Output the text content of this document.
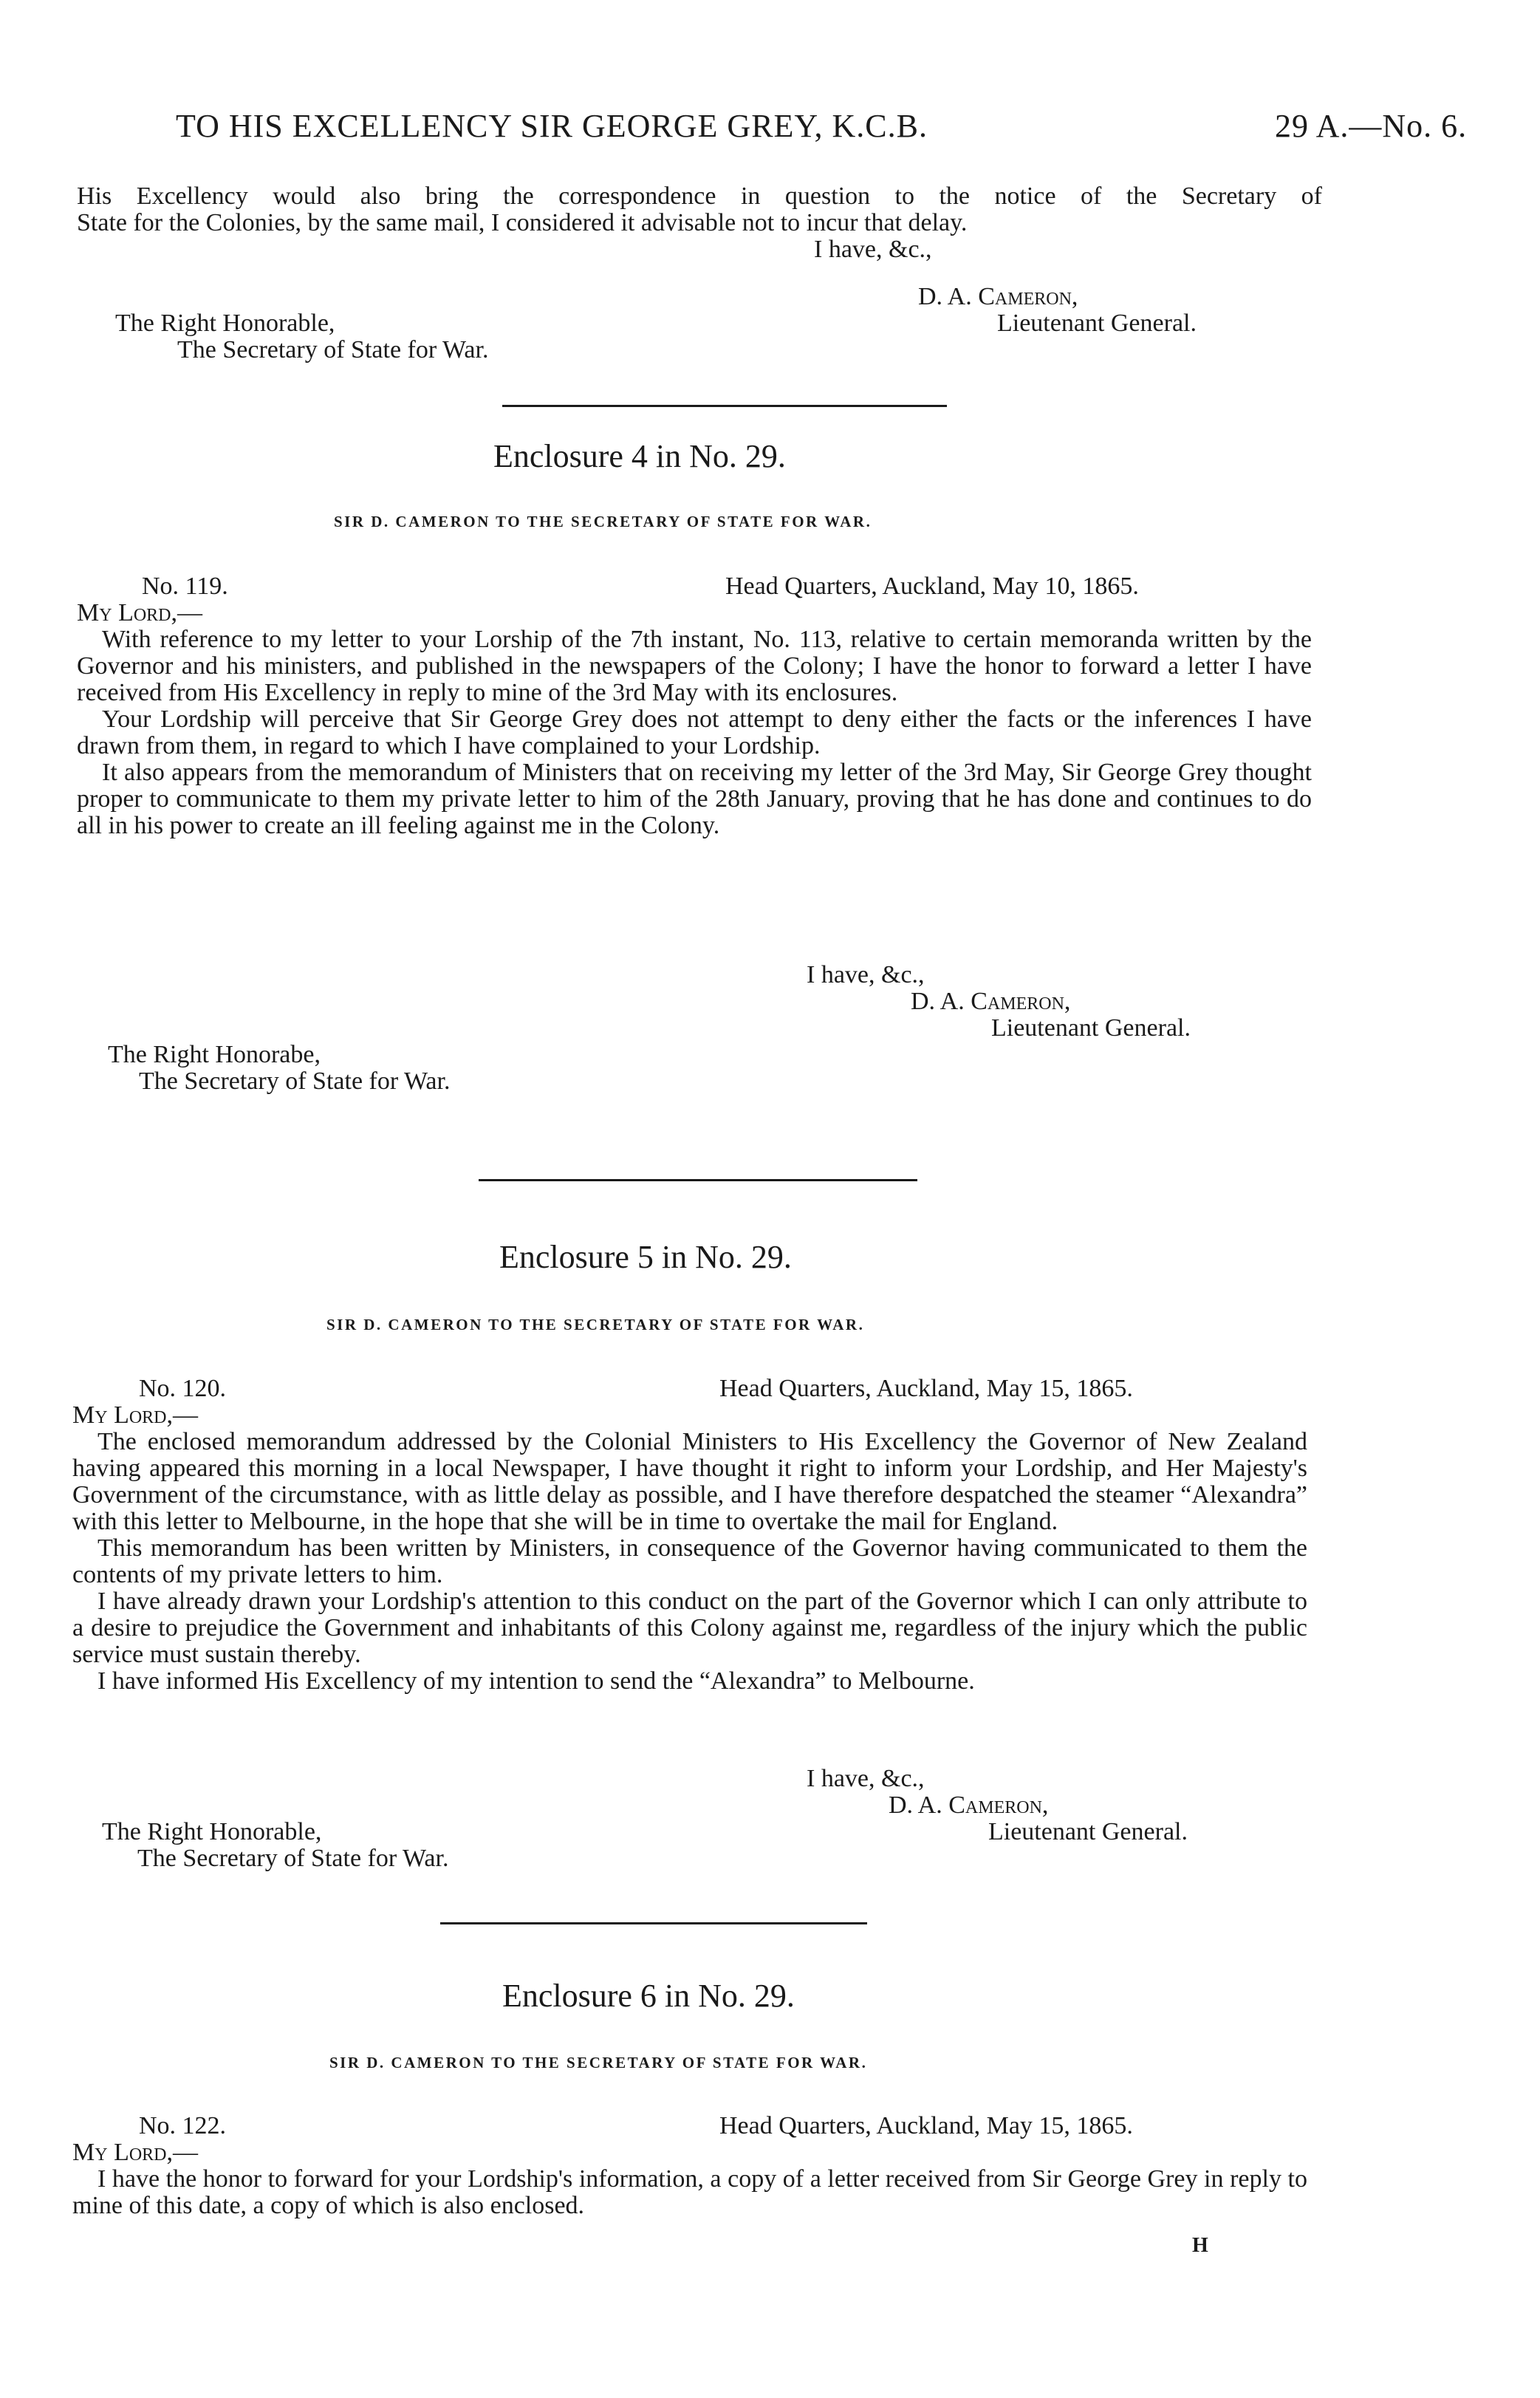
TO HIS EXCELLENCY SIR GEORGE GREY, K.C.B.	29 A.—No. 6.
His Excellency would also bring the correspondence in question to the notice of the Secretary of
State for the Colonies, by the same mail, I considered it advisable not to incur that delay.
I have, &c.,
D. A. Cameron,
The Right Honorable,	Lieutenant General.
The Secretary of State for War.
Enclosure 4 in No. 29.
SIR D. CAMERON TO THE SECRETARY OF STATE FOR WAR.
No. 119.	Head Quarters, Auckland, May 10, 1865.
My Lord,—

With reference to my letter to your Lorship of the 7th instant, No. 113, relative to certain memoranda written by the Governor and his ministers, and published in the newspapers of the Colony; I have the honor to forward a letter I have received from His Excellency in reply to mine of the 3rd May with its enclosures.

Your Lordship will perceive that Sir George Grey does not attempt to deny either the facts or the inferences I have drawn from them, in regard to which I have complained to your Lordship.

It also appears from the memorandum of Ministers that on receiving my letter of the 3rd May, Sir George Grey thought proper to communicate to them my private letter to him of the 28th January, proving that he has done and continues to do all in his power to create an ill feeling against me in the Colony.

I have, &c.,
D. A. Cameron,
Lieutenant General.
The Right Honorabe,
The Secretary of State for War.
Enclosure 5 in No. 29.
SIR D. CAMERON TO THE SECRETARY OF STATE FOR WAR.
No. 120.	Head Quarters, Auckland, May 15, 1865.
My Lord,—

The enclosed memorandum addressed by the Colonial Ministers to His Excellency the Governor of New Zealand having appeared this morning in a local Newspaper, I have thought it right to inform your Lordship, and Her Majesty's Government of the circumstance, with as little delay as possible, and I have therefore despatched the steamer “Alexandra” with this letter to Melbourne, in the hope that she will be in time to overtake the mail for England.

This memorandum has been written by Ministers, in consequence of the Governor having communicated to them the contents of my private letters to him.

I have already drawn your Lordship's attention to this conduct on the part of the Governor which I can only attribute to a desire to prejudice the Government and inhabitants of this Colony against me, regardless of the injury which the public service must sustain thereby.

I have informed His Excellency of my intention to send the “Alexandra” to Melbourne.

I have, &c.,
D. A. Cameron,
The Right Honorable,	Lieutenant General.
The Secretary of State for War.
Enclosure 6 in No. 29.
SIR D. CAMERON TO THE SECRETARY OF STATE FOR WAR.
No. 122.	Head Quarters, Auckland, May 15, 1865.
My Lord,—

I have the honor to forward for your Lordship's information, a copy of a letter received from Sir George Grey in reply to mine of this date, a copy of which is also enclosed.

H
